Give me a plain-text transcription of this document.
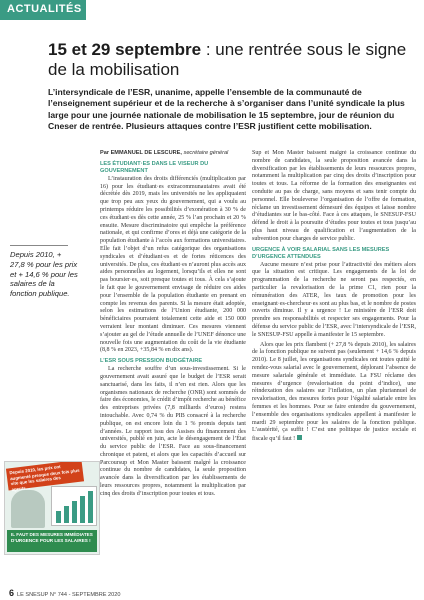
ACTUALITÉS
15 et 29 septembre : une rentrée sous le signe de la mobilisation
L’intersyndicale de l’ESR, unanime, appelle l’ensemble de la communauté de l’enseignement supérieur et de la recherche à s’organiser dans l’unité syndicale la plus large pour une journée nationale de mobilisation le 15 septembre, jour de réunion du Cneser de rentrée. Plusieurs attaques contre l’ESR justifient cette mobilisation.
Depuis 2010, + 27,8 % pour les prix et + 14,6 % pour les salaires de la fonction publique.
Par EMMANUEL DE LESCURE, secrétaire général
LES ÉTUDIANT·ES DANS LE VISEUR DU GOUVERNEMENT

L’instauration des droits différenciés (multiplication par 16) pour les étudiant·es extracommunautaires avait été décrétée dès 2019, mais les universités ne les appliquaient que trop peu aux yeux du gouvernement, qui a voulu au printemps réduire les possibilités d’exonération à 30 % de ces étudiant·es dès cette année, 25 % l’an prochain et 20 % ensuite. Mesure discriminatoire qui empêche la préférence nationale, et qui confirme d’ores et déjà une catégorie de la population étudiante à l’accès aux formations universitaires. Elle fait l’objet d’un refus catégorique des organisations syndicales et d’étudiant·es et de fortes réticences des universités. De plus, ces étudiant·es n’auront plus accès aux aides personnelles au logement, lorsqu’ils et elles ne sont pas boursier·es, soit presque toutes et tous. À cela s’ajoute le fait que le gouvernement envisage de réduire ces aides pour l’ensemble de la population étudiante en prenant en compte les revenus des parents. Si la mesure était adoptée, selon les estimations de l’Union étudiante, 200 000 bénéficiaires pourraient totalement cette aide et 150 000 verraient leur montant diminuer. Ces mesures viennent s’ajouter au gel de l’étude annuelle de l’UNEF dénonce une nouvelle fois une augmentation du coût de la vie étudiante (8,8 % en 2023, +35,84 % en dix ans).

L’ESR SOUS PRESSION BUDGÉTAIRE

La recherche souffre d’un sous-investissement. Si le gouvernement avait assuré que le budget de l’ESR serait sanctuarisé, dans les faits, il n’en est rien. Alors que les organismes nationaux de recherche (ONR) sont sommés de faire des économies, le crédit d’impôt recherche au bénéfice des entreprises privées (7,8 milliards d’euros) restera intouchable. Avec 0,74 % du PIB consacré à la recherche publique, on est encore loin du 1 % promis depuis tant d’années. Le rapport issu des Assises du financement des universités, publié en juin, acte le désengagement de l’État du service public de l’ESR. Face au sous-financement chronique et patent, et alors que les capacités d’accueil sur Parcoursup et Mon Master baissent malgré la croissance continue du nombre de candidates, la seule proposition avancée dans la diversification par les établissements de leurs ressources propres, notamment la multiplication par cinq des droits d’inscription pour toutes et tous.

Sup et Mon Master baissent malgré la croissance continue du nombre de candidates, la seule proposition avancée dans la diversification par les établissements de leurs ressources propres, notamment la multiplication par cinq des droits d’inscription pour toutes et tous. La réforme de la formation des enseignantes est conduite au pas de charge, sans moyens et sans tenir compte du personnel. Elle bouleverse l’organisation de l’offre de formation, réclame un investissement démesuré des équipes et laisse nombre d’étudiantes sur le bas-côté. Face à ces attaques, le SNESUP-FSU défend le droit à la poursuite d’études pour toutes et tous jusqu’au plus haut niveau de qualification et l’augmentation de la subvention pour charges de service public.

URGENCE À VOIR SALARIAL SANS LES MESURES D’URGENCE ATTENDUES

Aucune mesure n’est prise pour l’attractivité des métiers alors que la situation est critique. Les engagements de la loi de programmation de la recherche ne seront pas respectés, en particulier la revalorisation de la prime C1, rien pour la rémunération des ATER, les taux de promotion pour les enseignant·es-chercheur·es sont au plus bas, et le nombre de postes ouverts diminue. Il y a urgence ! Le ministère de l’ESR doit prendre ses responsabilités et respecter ses engagements. Pour la défense du service public de l’ESR, avec l’intersyndicale de l’ESR, le SNESUP-FSU appelle à manifester le 15 septembre.

Alors que les prix flambent (+ 27,8 % depuis 2010), les salaires de la fonction publique ne suivent pas (seulement + 14,6 % depuis 2010). Le 8 juillet, les organisations syndicales ont toutes quitté le rendez-vous salarial avec le gouvernement, déplorant l’absence de mesure salariale générale et immédiate. La FSU réclame des mesures d’urgence (revalorisation du point d’indice), une réindexation des salaires sur l’inflation, un plan pluriannuel de revalorisation, des mesures fortes pour l’égalité salariale entre les femmes et les hommes. Pour se faire entendre du gouvernement, l’ensemble des organisations syndicales appellent à manifester le mardi 29 septembre pour les salaires de la fonction publique. L’austérité, ça suffit ! C’est une politique de justice sociale et fiscale qu’il faut !

Depuis 2010, les prix ont augmenté presque deux fois plus vite que les salaires des agents…
IL FAUT DES MESURES IMMÉDIATES D’URGENCE POUR LES SALAIRES !
6 LE SNESUP N° 744 - SEPTEMBRE 2020
